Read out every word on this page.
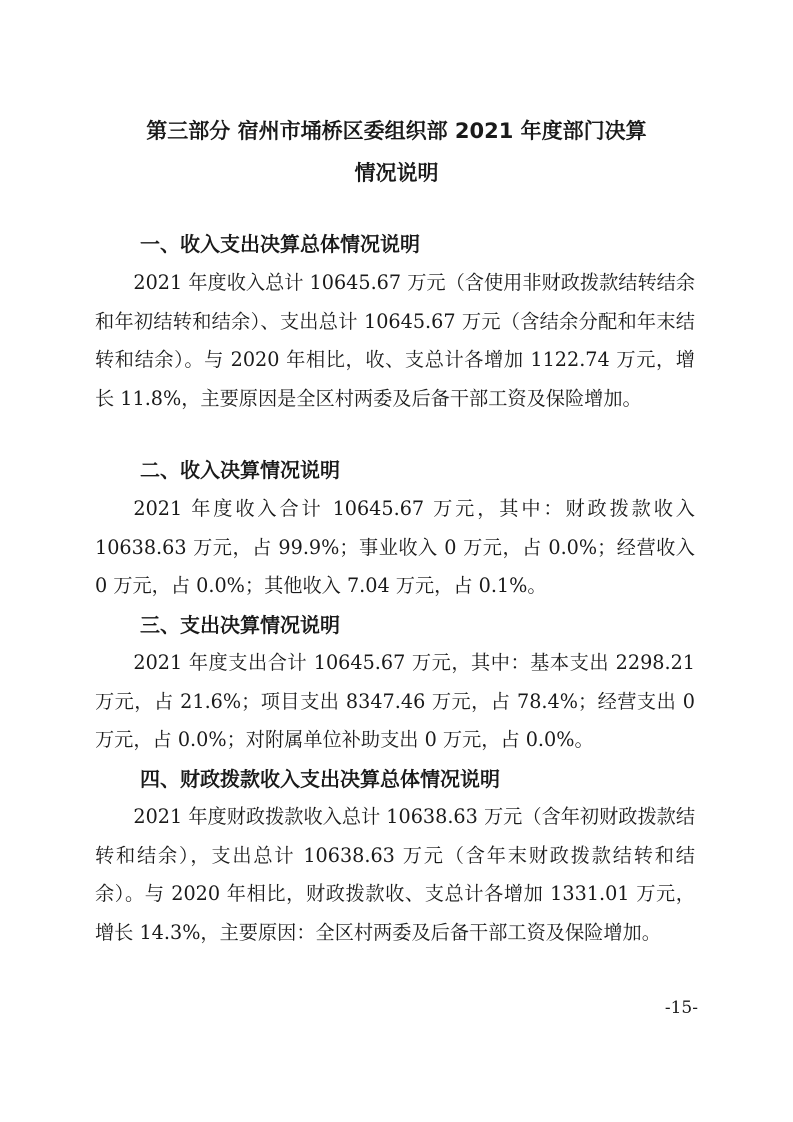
第三部分 宿州市埇桥区委组织部 2021 年度部门决算
情况说明
一、收入支出决算总体情况说明

2021 年度收入总计 10645.67 万元（含使用非财政拨款结转结余和年初结转和结余）、支出总计 10645.67 万元（含结余分配和年末结转和结余）。与 2020 年相比，收、支总计各增加 1122.74 万元，增长 11.8%，主要原因是全区村两委及后备干部工资及保险增加。

二、收入决算情况说明

2021 年度收入合计 10645.67 万元，其中：财政拨款收入 10638.63 万元，占 99.9%；事业收入 0 万元，占 0.0%；经营收入 0 万元，占 0.0%；其他收入 7.04 万元，占 0.1%。

三、支出决算情况说明

2021 年度支出合计 10645.67 万元，其中：基本支出 2298.21 万元，占 21.6%；项目支出 8347.46 万元，占 78.4%；经营支出 0 万元，占 0.0%；对附属单位补助支出 0 万元，占 0.0%。

四、财政拨款收入支出决算总体情况说明

2021 年度财政拨款收入总计 10638.63 万元（含年初财政拨款结转和结余），支出总计 10638.63 万元（含年末财政拨款结转和结余）。与 2020 年相比，财政拨款收、支总计各增加 1331.01 万元，增长 14.3%，主要原因：全区村两委及后备干部工资及保险增加。

-15-
